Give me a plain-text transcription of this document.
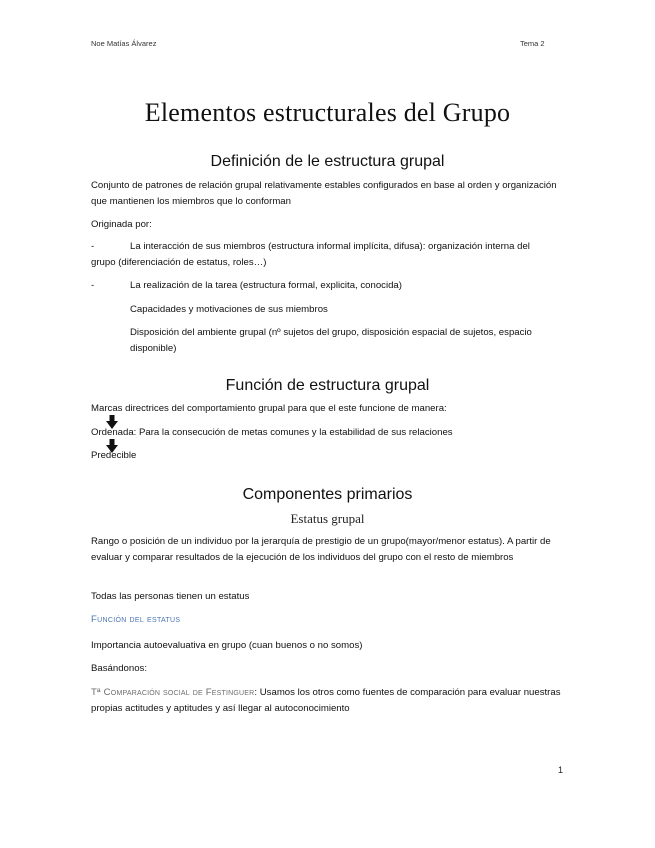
Noe Matías Álvarez	Tema 2
Elementos estructurales del Grupo
Definición de le estructura grupal
Conjunto de patrones de relación grupal relativamente estables configurados en base al orden y organización que mantienen los miembros que lo conforman
Originada por:
-	La interacción de sus miembros (estructura informal implícita, difusa): organización interna del
grupo (diferenciación de estatus, roles…)
-	La realización de la tarea (estructura formal, explicita, conocida)
Capacidades y motivaciones de sus miembros
Disposición del ambiente grupal (nº sujetos del grupo, disposición espacial de sujetos, espacio disponible)
Función de estructura grupal
Marcas directrices del comportamiento grupal para que el este funcione de manera:
Ordenada: Para la consecución de metas comunes y la estabilidad de sus relaciones
Predecible
Componentes primarios
Estatus grupal
Rango o posición de un individuo por la jerarquía de prestigio de un grupo(mayor/menor estatus). A partir de evaluar y comparar resultados de la ejecución de los individuos del grupo con el resto de miembros
Todas las personas tienen un estatus
Función del estatus
Importancia autoevaluativa en grupo (cuan buenos o no somos)
Basándonos:
Tª Comparación social de Festinguer: Usamos los otros como fuentes de comparación para evaluar nuestras propias actitudes y aptitudes y así llegar al autoconocimiento
1
